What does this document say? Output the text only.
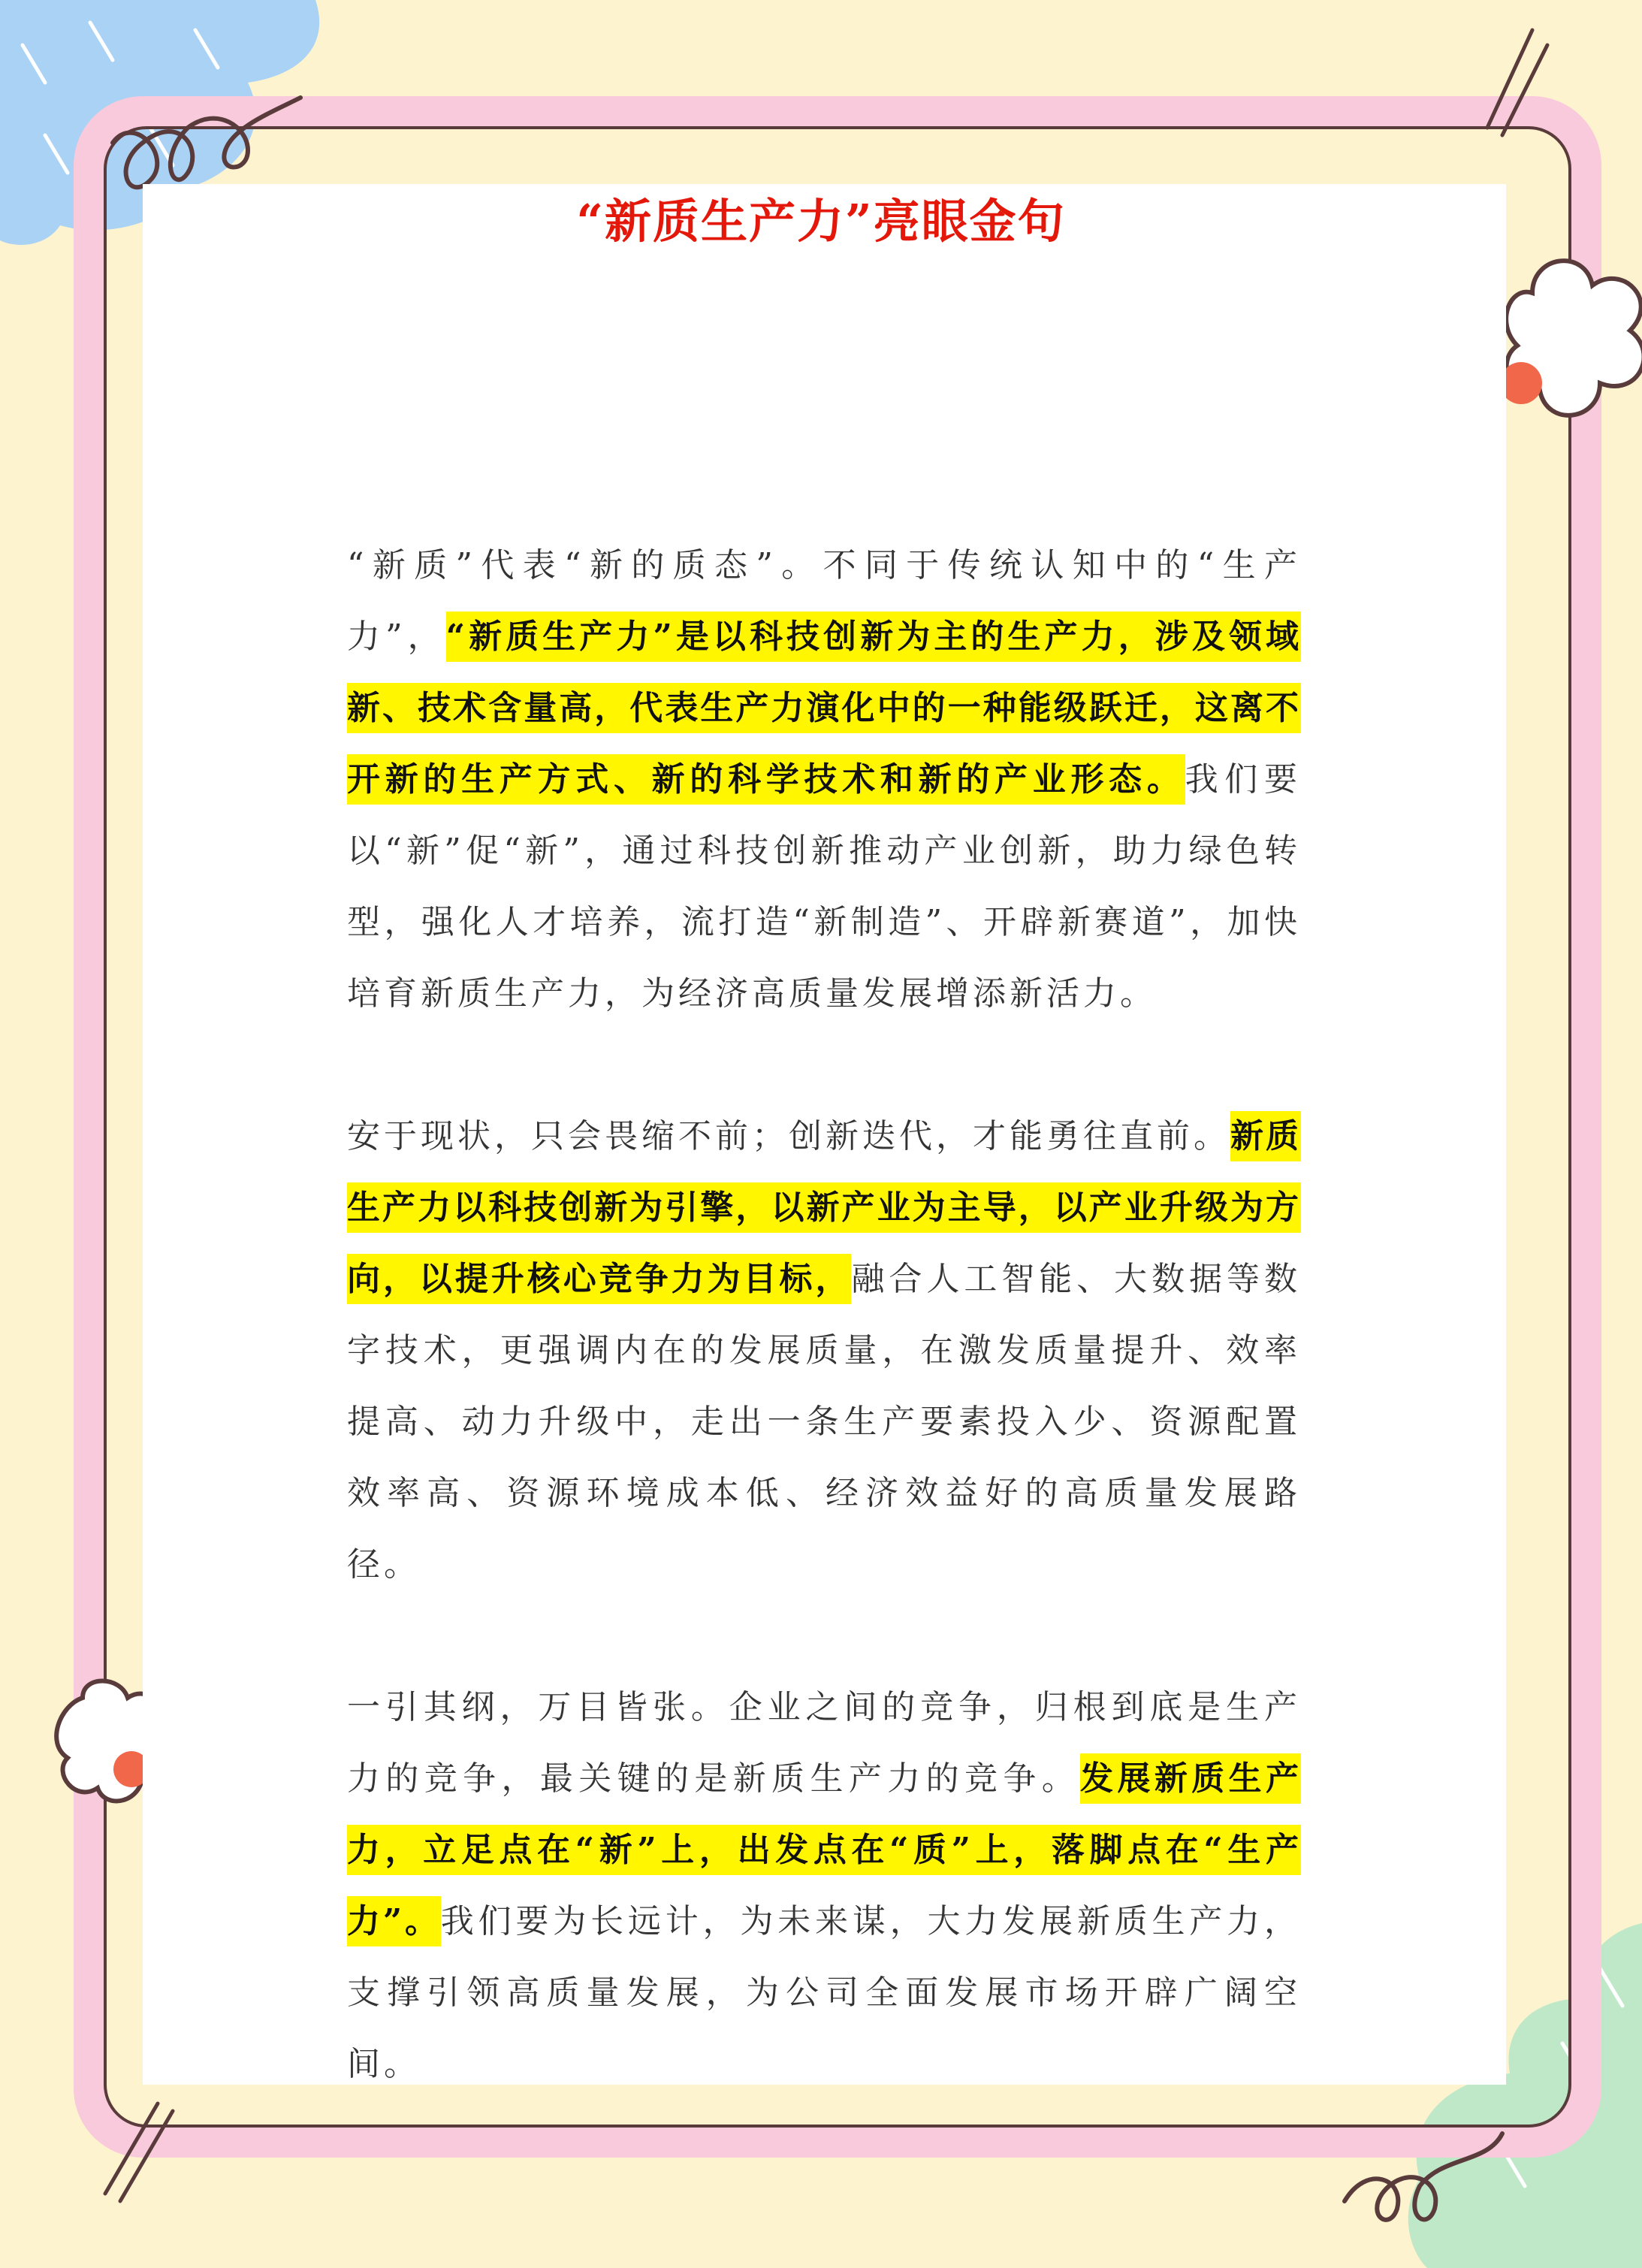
“新质生产力”亮眼金句

“新质”代表“新的质态”。不同于传统认知中的“生产力”，“新质生产力”是以科技创新为主的生产力，涉及领域新、技术含量高，代表生产力演化中的一种能级跃迁，这离不开新的生产方式、新的科学技术和新的产业形态。我们要以“新”促“新”，通过科技创新推动产业创新，助力绿色转型，强化人才培养，流打造“新制造”、开辟新赛道”，加快培育新质生产力，为经济高质量发展增添新活力。

安于现状，只会畏缩不前；创新迭代，才能勇往直前。新质生产力以科技创新为引擎，以新产业为主导，以产业升级为方向，以提升核心竞争力为目标，融合人工智能、大数据等数字技术，更强调内在的发展质量，在激发质量提升、效率提高、动力升级中，走出一条生产要素投入少、资源配置效率高、资源环境成本低、经济效益好的高质量发展路径。

一引其纲，万目皆张。企业之间的竞争，归根到底是生产力的竞争，最关键的是新质生产力的竞争。发展新质生产力，立足点在“新”上，出发点在“质”上，落脚点在“生产力”。我们要为长远计，为未来谋，大力发展新质生产力，支撑引领高质量发展，为公司全面发展市场开辟广阔空间。
